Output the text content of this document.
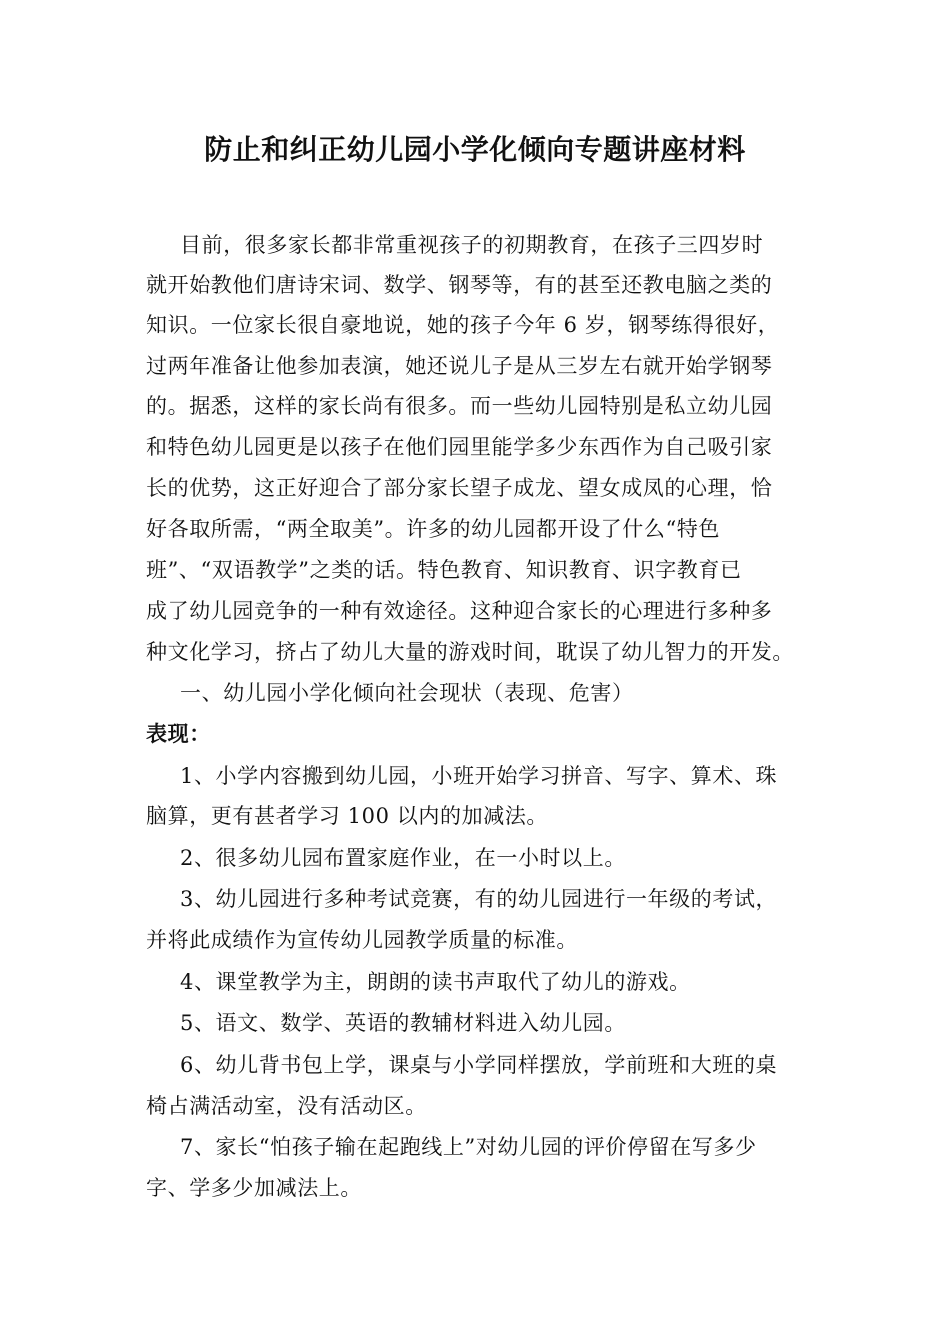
防止和纠正幼儿园小学化倾向专题讲座材料
目前，很多家长都非常重视孩子的初期教育，在孩子三四岁时
就开始教他们唐诗宋词、数学、钢琴等，有的甚至还教电脑之类的
知识。一位家长很自豪地说，她的孩子今年 6 岁，钢琴练得很好，
过两年准备让他参加表演，她还说儿子是从三岁左右就开始学钢琴
的。据悉，这样的家长尚有很多。而一些幼儿园特别是私立幼儿园
和特色幼儿园更是以孩子在他们园里能学多少东西作为自己吸引家
长的优势，这正好迎合了部分家长望子成龙、望女成凤的心理，恰
好各取所需，“两全取美”。许多的幼儿园都开设了什么“特色
班”、“双语教学”之类的话。特色教育、知识教育、识字教育已
成了幼儿园竞争的一种有效途径。这种迎合家长的心理进行多种多
种文化学习，挤占了幼儿大量的游戏时间，耽误了幼儿智力的开发。
一、幼儿园小学化倾向社会现状（表现、危害）
表现：
1、小学内容搬到幼儿园，小班开始学习拼音、写字、算术、珠
脑算，更有甚者学习 100 以内的加减法。
2、很多幼儿园布置家庭作业，在一小时以上。
3、幼儿园进行多种考试竞赛，有的幼儿园进行一年级的考试，
并将此成绩作为宣传幼儿园教学质量的标准。
4、课堂教学为主，朗朗的读书声取代了幼儿的游戏。
5、语文、数学、英语的教辅材料进入幼儿园。
6、幼儿背书包上学，课桌与小学同样摆放，学前班和大班的桌
椅占满活动室，没有活动区。
7、家长“怕孩子输在起跑线上”对幼儿园的评价停留在写多少
字、学多少加减法上。
